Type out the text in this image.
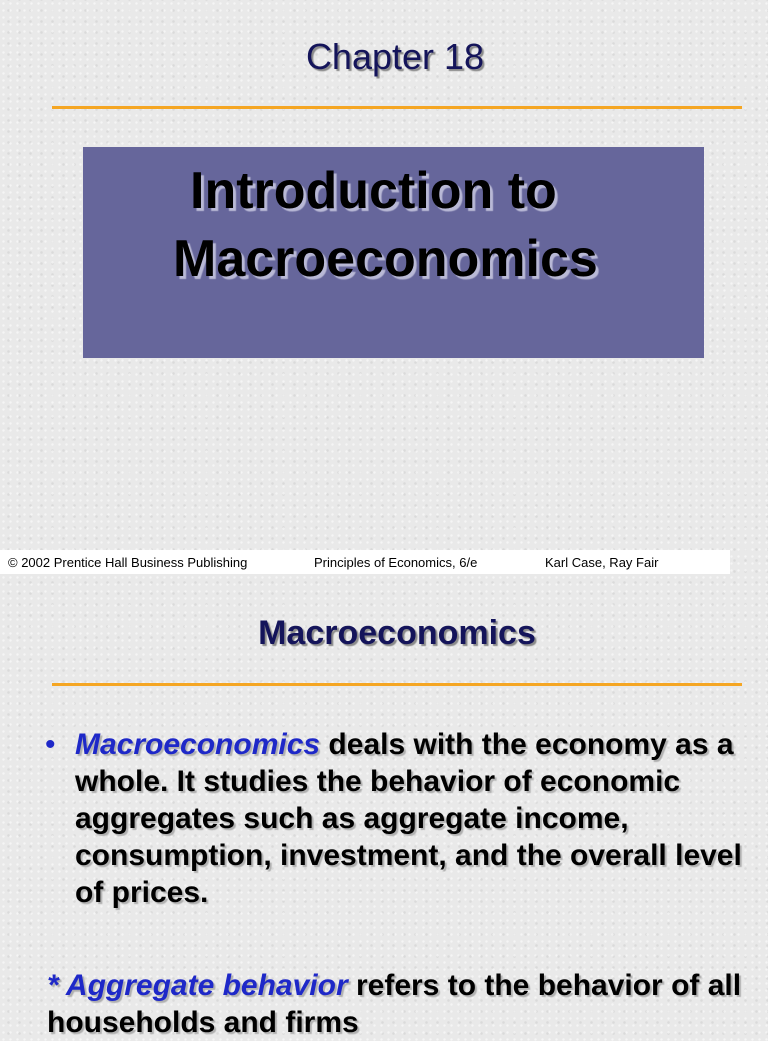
Chapter 18
Introduction to
Macroeconomics
© 2002 Prentice Hall Business Publishing	Principles of Economics, 6/e	Karl Case, Ray Fair
Macroeconomics
• Macroeconomics deals with the economy as a whole. It studies the behavior of economic aggregates such as aggregate income, consumption, investment, and the overall level of prices.
* Aggregate behavior refers to the behavior of all households and firms
